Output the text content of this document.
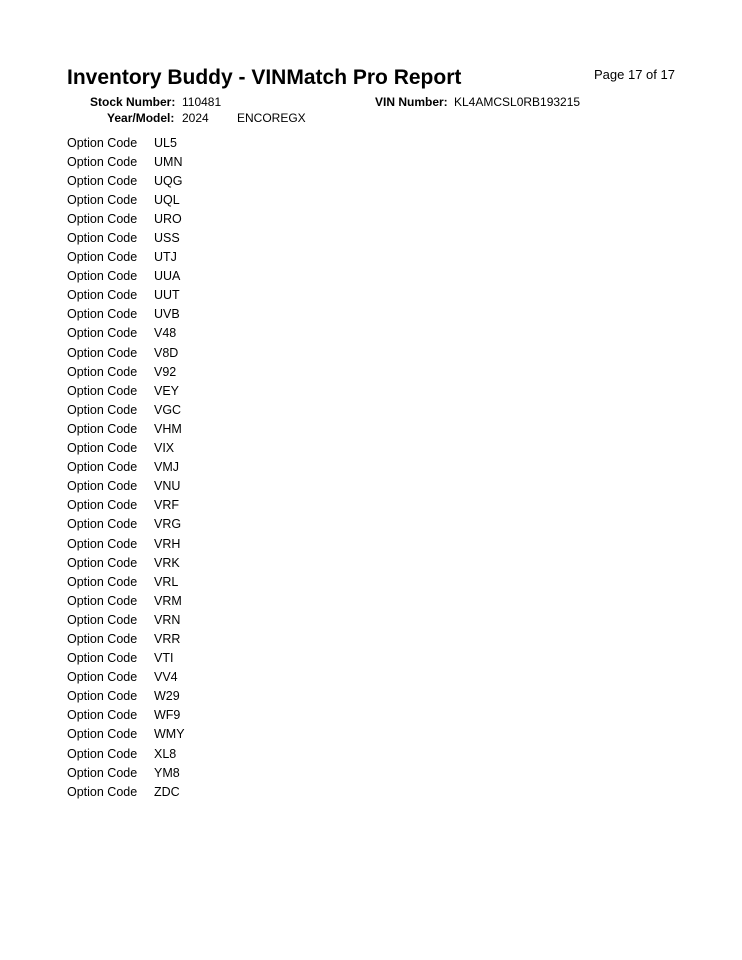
Inventory Buddy - VINMatch Pro Report	Page 17 of 17
Stock Number: 110481	VIN Number: KL4AMCSL0RB193215
Year/Model: 2024 ENCOREGX
Option Code	UL5
Option Code	UMN
Option Code	UQG
Option Code	UQL
Option Code	URO
Option Code	USS
Option Code	UTJ
Option Code	UUA
Option Code	UUT
Option Code	UVB
Option Code	V48
Option Code	V8D
Option Code	V92
Option Code	VEY
Option Code	VGC
Option Code	VHM
Option Code	VIX
Option Code	VMJ
Option Code	VNU
Option Code	VRF
Option Code	VRG
Option Code	VRH
Option Code	VRK
Option Code	VRL
Option Code	VRM
Option Code	VRN
Option Code	VRR
Option Code	VTI
Option Code	VV4
Option Code	W29
Option Code	WF9
Option Code	WMY
Option Code	XL8
Option Code	YM8
Option Code	ZDC
